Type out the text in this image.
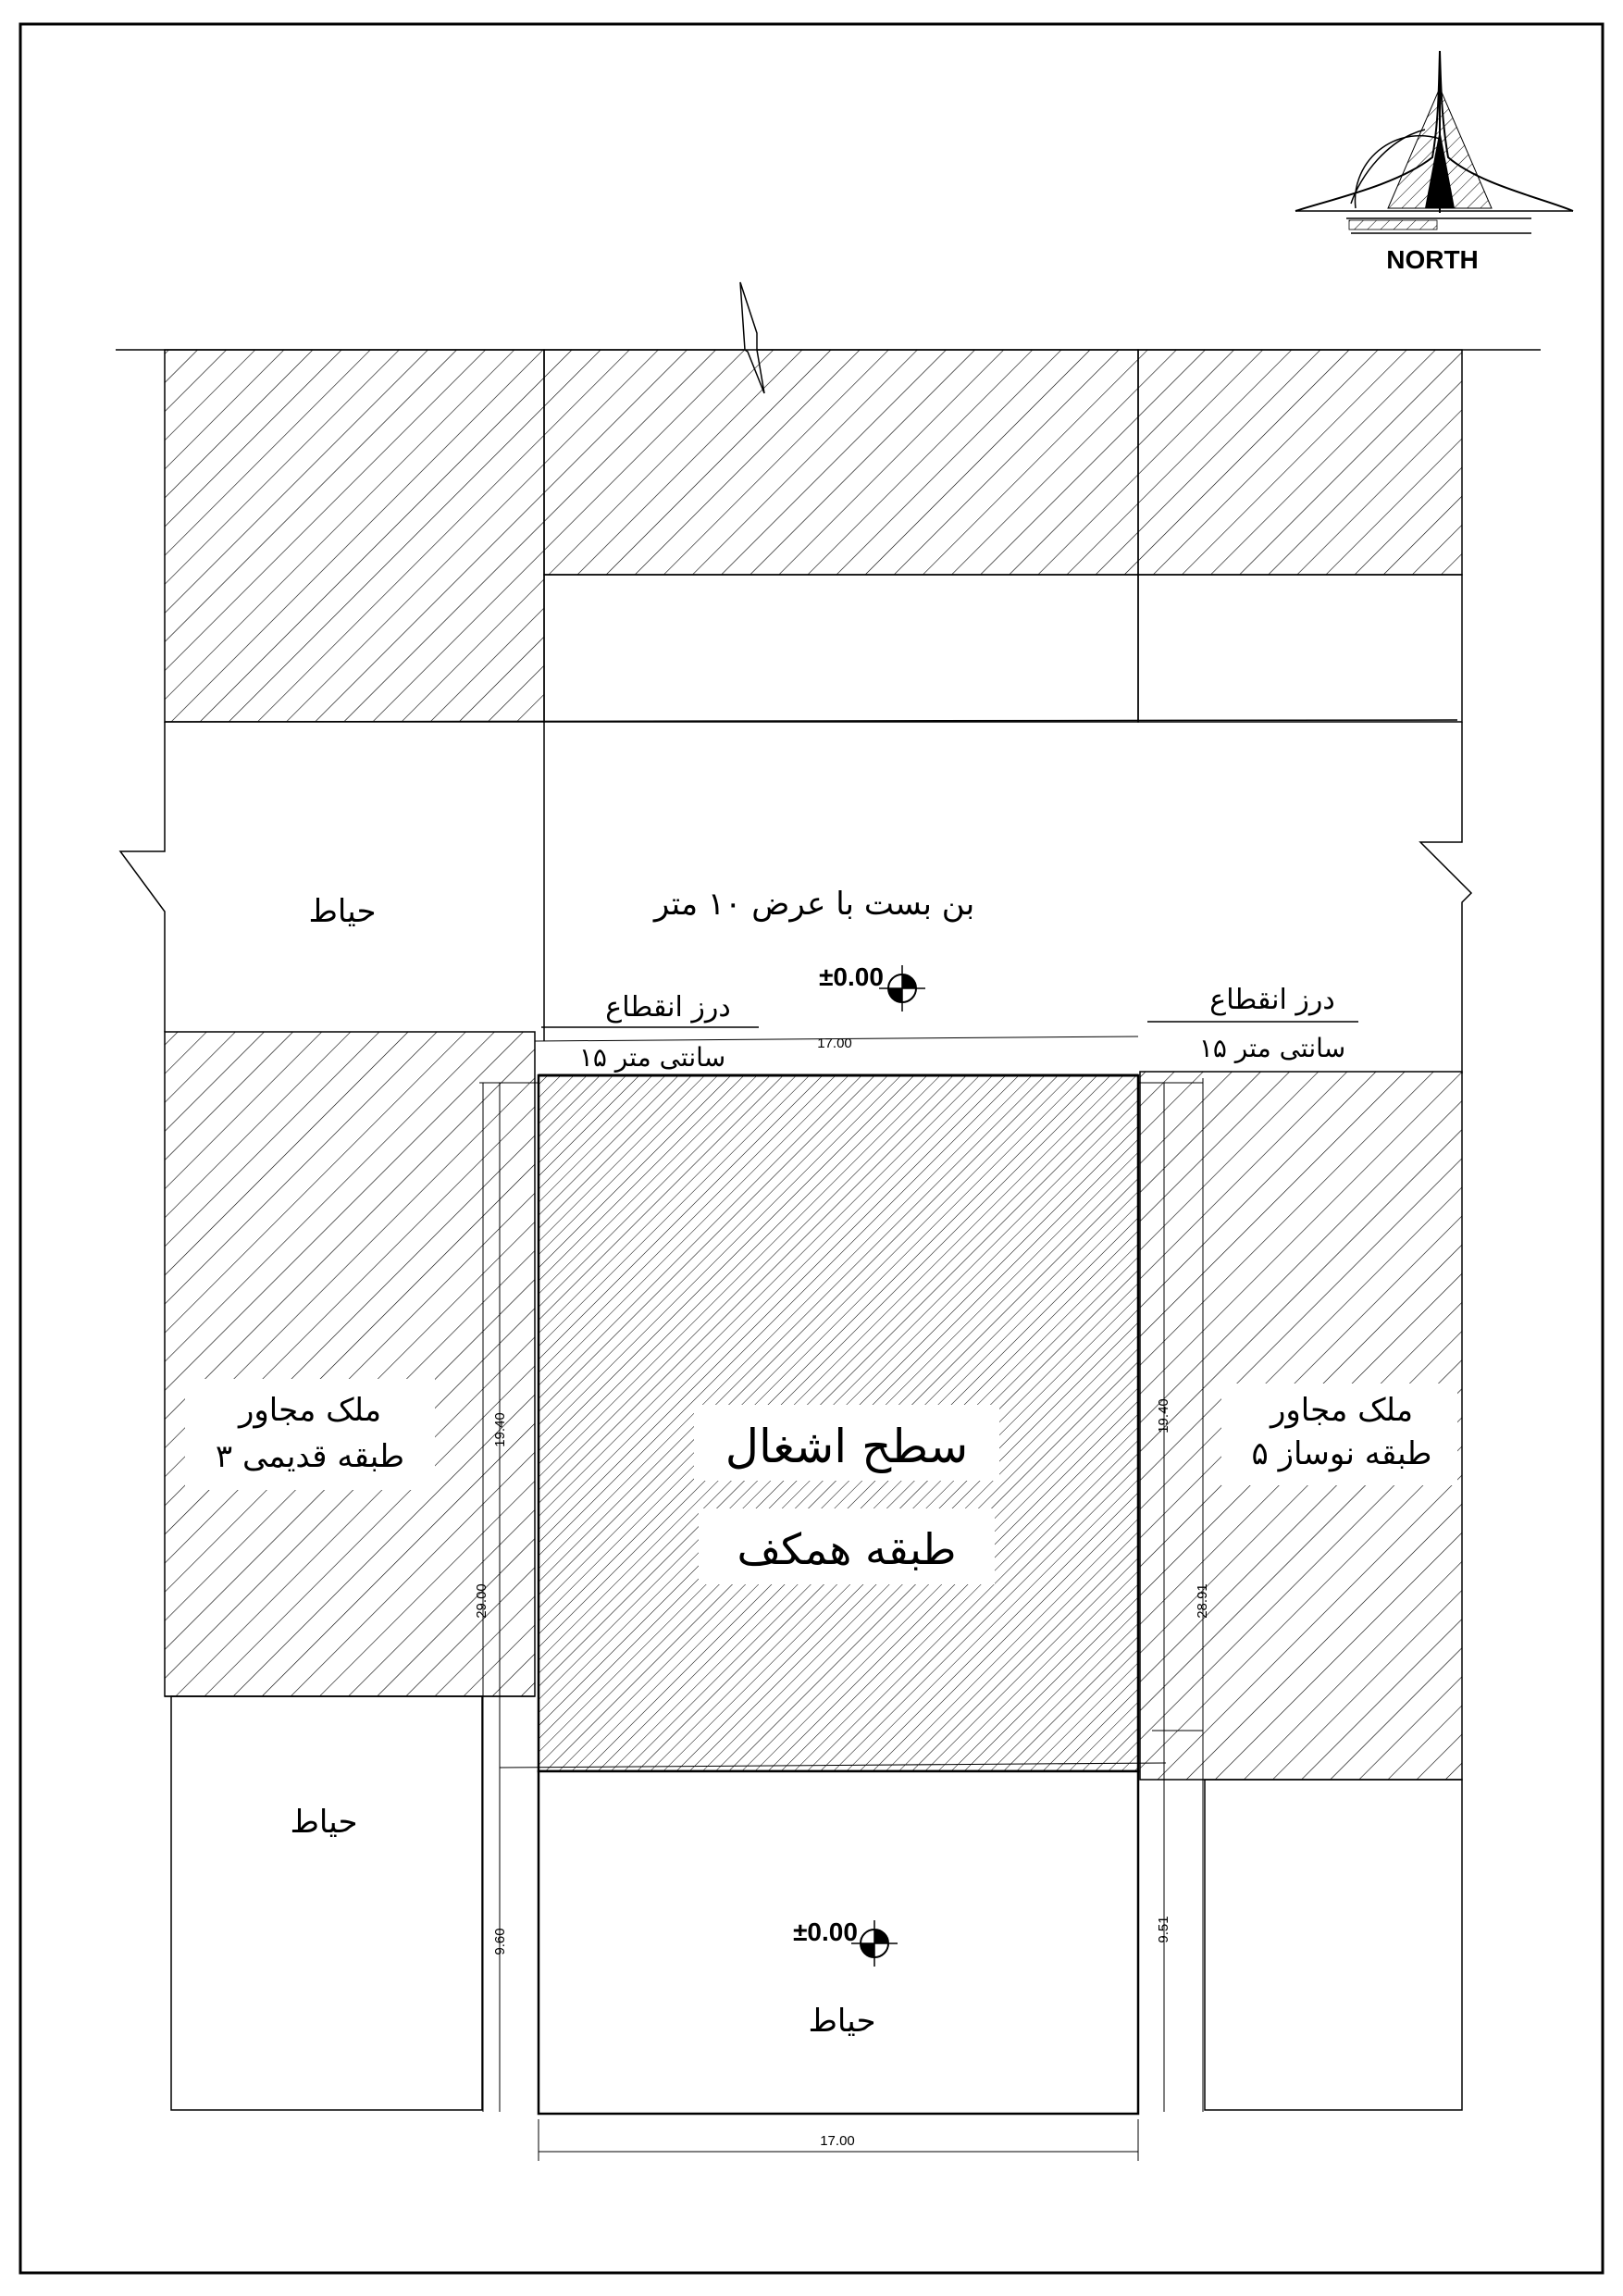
NORTH
حیاط	بن بست با عرض ۱۰ متر
±0.00
درز انقطاع
۱۵ سانتی متر
درز انقطاع
۱۵ سانتی متر
ملک مجاور
۳ طبقه قدیمی
حیاط
ملک مجاور
۵ طبقه نوساز
سطح اشغال
طبقه همکف
±0.00
حیاط
17.00
17.00
19.40
29.00
9.60
19.40
28.91
9.51
